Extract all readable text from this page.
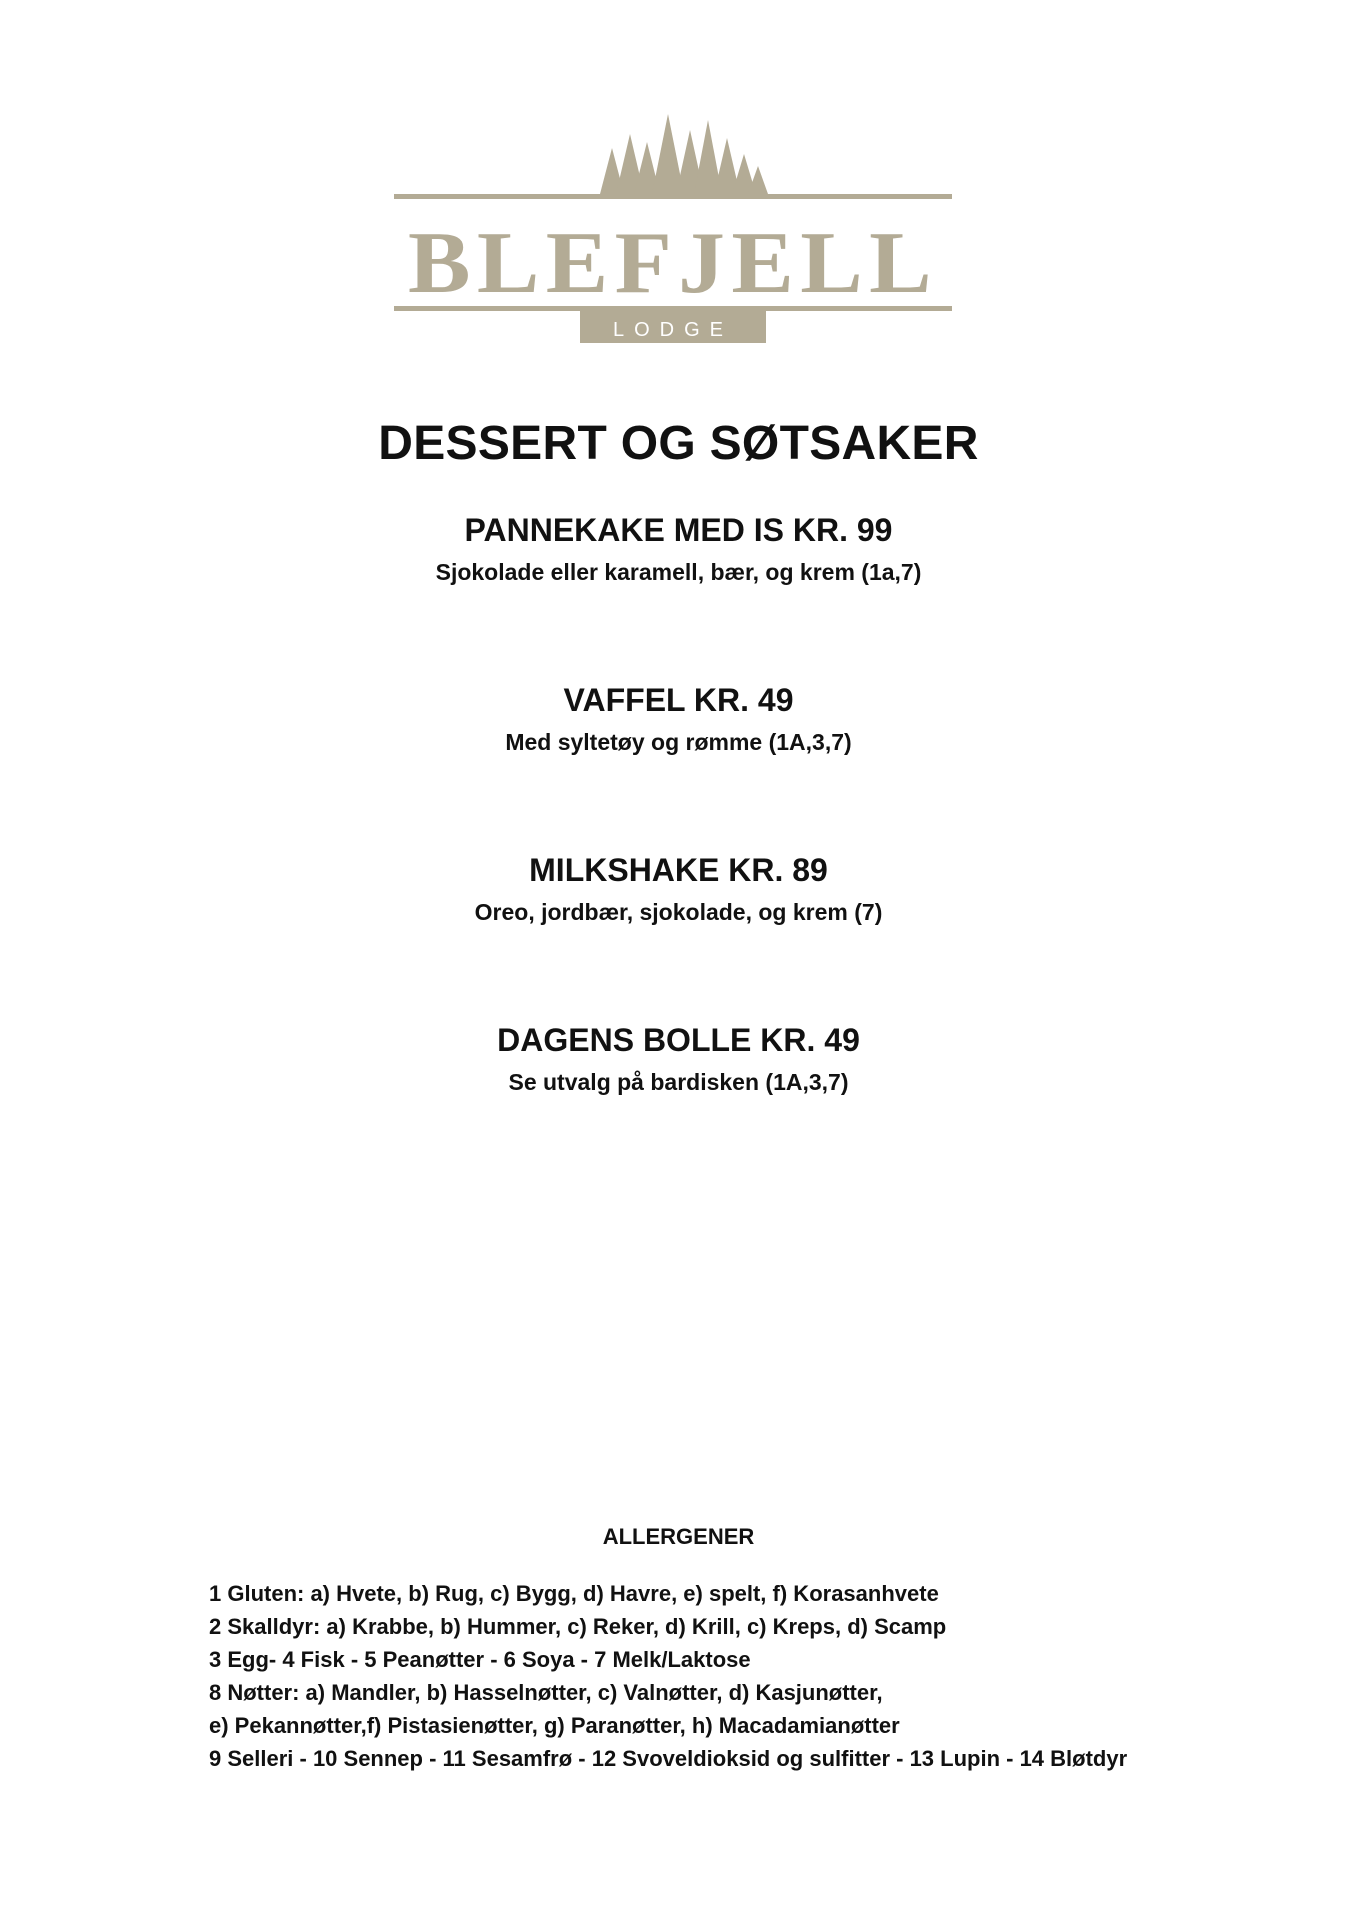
BLEFJELL
LODGE
DESSERT OG SØTSAKER
PANNEKAKE MED IS KR. 99
Sjokolade eller karamell, bær, og krem (1a,7)
VAFFEL KR. 49
Med syltetøy og rømme (1A,3,7)
MILKSHAKE KR. 89
Oreo, jordbær, sjokolade, og krem (7)
DAGENS BOLLE KR. 49
Se utvalg på bardisken (1A,3,7)
ALLERGENER
1 Gluten: a) Hvete, b) Rug, c) Bygg, d) Havre, e) spelt, f) Korasanhvete
2 Skalldyr: a) Krabbe, b) Hummer, c) Reker, d) Krill, c) Kreps, d) Scamp
3 Egg- 4 Fisk - 5 Peanøtter - 6 Soya - 7 Melk/Laktose
8 Nøtter: a) Mandler, b) Hasselnøtter, c) Valnøtter, d) Kasjunøtter,
e) Pekannøtter,f) Pistasienøtter, g) Paranøtter, h) Macadamianøtter
9 Selleri - 10 Sennep - 11 Sesamfrø - 12 Svoveldioksid og sulfitter - 13 Lupin - 14 Bløtdyr
